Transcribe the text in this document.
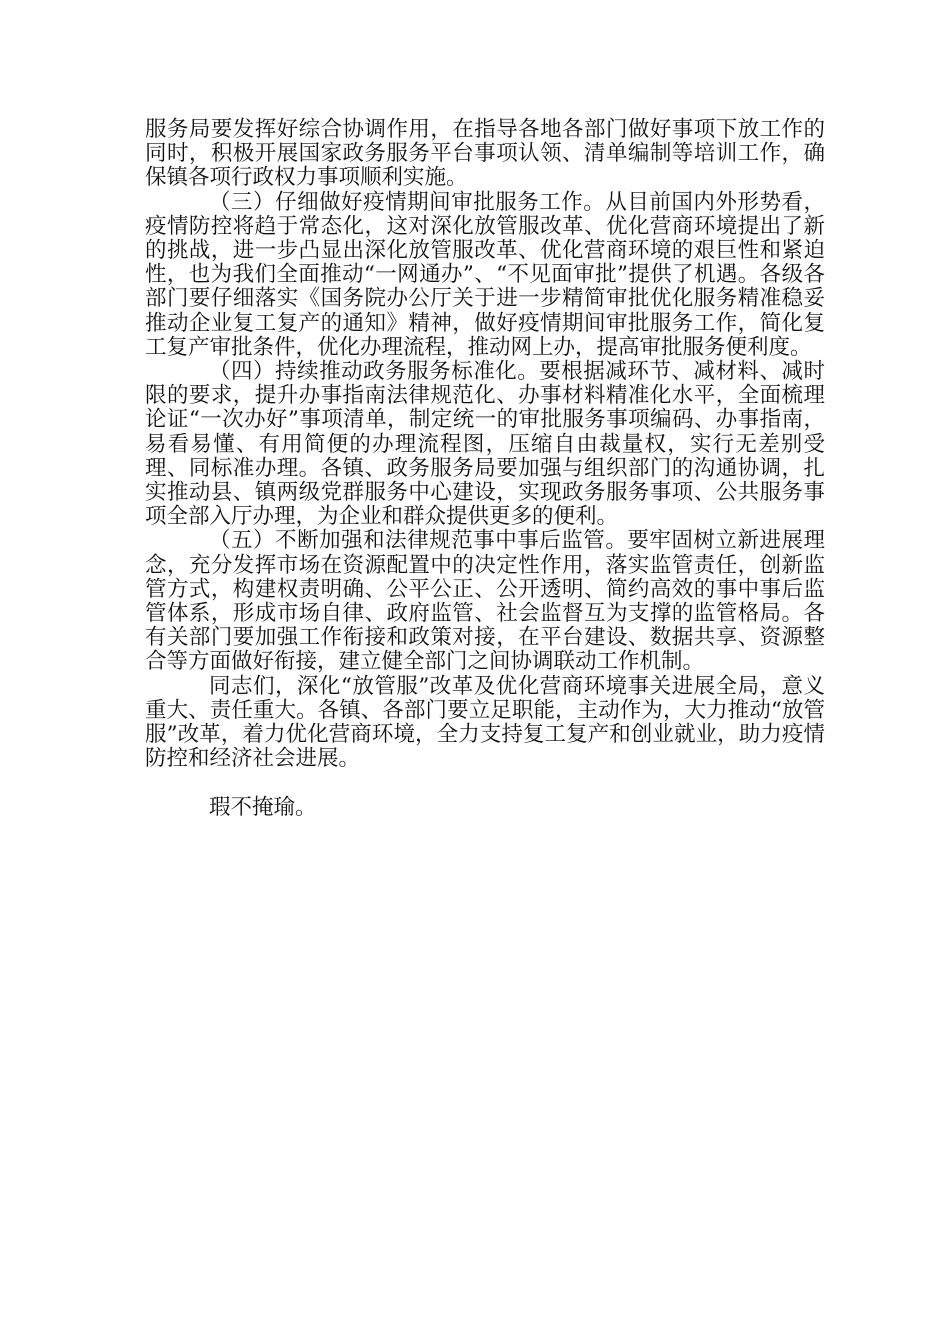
服务局要发挥好综合协调作用，在指导各地各部门做好事项下放工作的同时，积极开展国家政务服务平台事项认领、清单编制等培训工作，确保镇各项行政权力事项顺利实施。

（三）仔细做好疫情期间审批服务工作。从目前国内外形势看，疫情防控将趋于常态化，这对深化放管服改革、优化营商环境提出了新的挑战，进一步凸显出深化放管服改革、优化营商环境的艰巨性和紧迫性，也为我们全面推动“一网通办”、“不见面审批”提供了机遇。各级各部门要仔细落实《国务院办公厅关于进一步精简审批优化服务精准稳妥推动企业复工复产的通知》精神，做好疫情期间审批服务工作，简化复工复产审批条件，优化办理流程，推动网上办，提高审批服务便利度。

（四）持续推动政务服务标准化。要根据减环节、减材料、减时限的要求，提升办事指南法律规范化、办事材料精准化水平，全面梳理论证“一次办好”事项清单，制定统一的审批服务事项编码、办事指南，易看易懂、有用简便的办理流程图，压缩自由裁量权，实行无差别受理、同标准办理。各镇、政务服务局要加强与组织部门的沟通协调，扎实推动县、镇两级党群服务中心建设，实现政务服务事项、公共服务事项全部入厅办理，为企业和群众提供更多的便利。

（五）不断加强和法律规范事中事后监管。要牢固树立新进展理念，充分发挥市场在资源配置中的决定性作用，落实监管责任，创新监管方式，构建权责明确、公平公正、公开透明、简约高效的事中事后监管体系，形成市场自律、政府监管、社会监督互为支撑的监管格局。各有关部门要加强工作衔接和政策对接，在平台建设、数据共享、资源整合等方面做好衔接，建立健全部门之间协调联动工作机制。

同志们，深化“放管服”改革及优化营商环境事关进展全局，意义重大、责任重大。各镇、各部门要立足职能，主动作为，大力推动“放管服”改革，着力优化营商环境，全力支持复工复产和创业就业，助力疫情防控和经济社会进展。

瑕不掩瑜。
